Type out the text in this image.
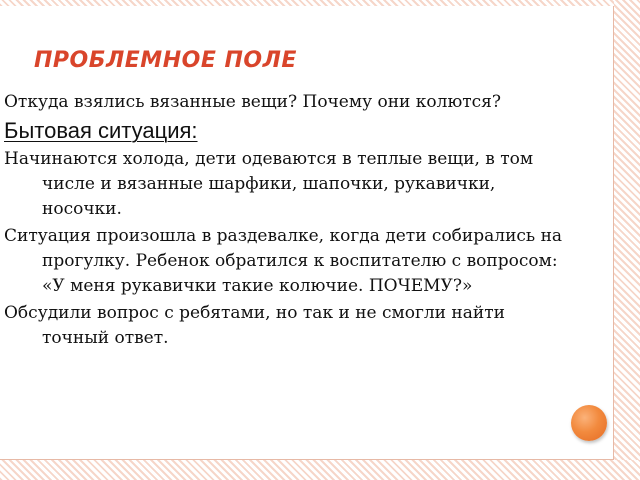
ПРОБЛЕМНОЕ ПОЛЕ

Откуда взялись вязанные вещи? Почему они колются?

Бытовая ситуация:

Начинаются холода, дети одеваются в теплые вещи, в том числе и вязанные шарфики, шапочки, рукавички, носочки.

Ситуация произошла в раздевалке, когда дети собирались на прогулку. Ребенок обратился к воспитателю с вопросом: «У меня рукавички такие колючие. ПОЧЕМУ?»

Обсудили вопрос с ребятами, но так и не смогли найти точный ответ.
